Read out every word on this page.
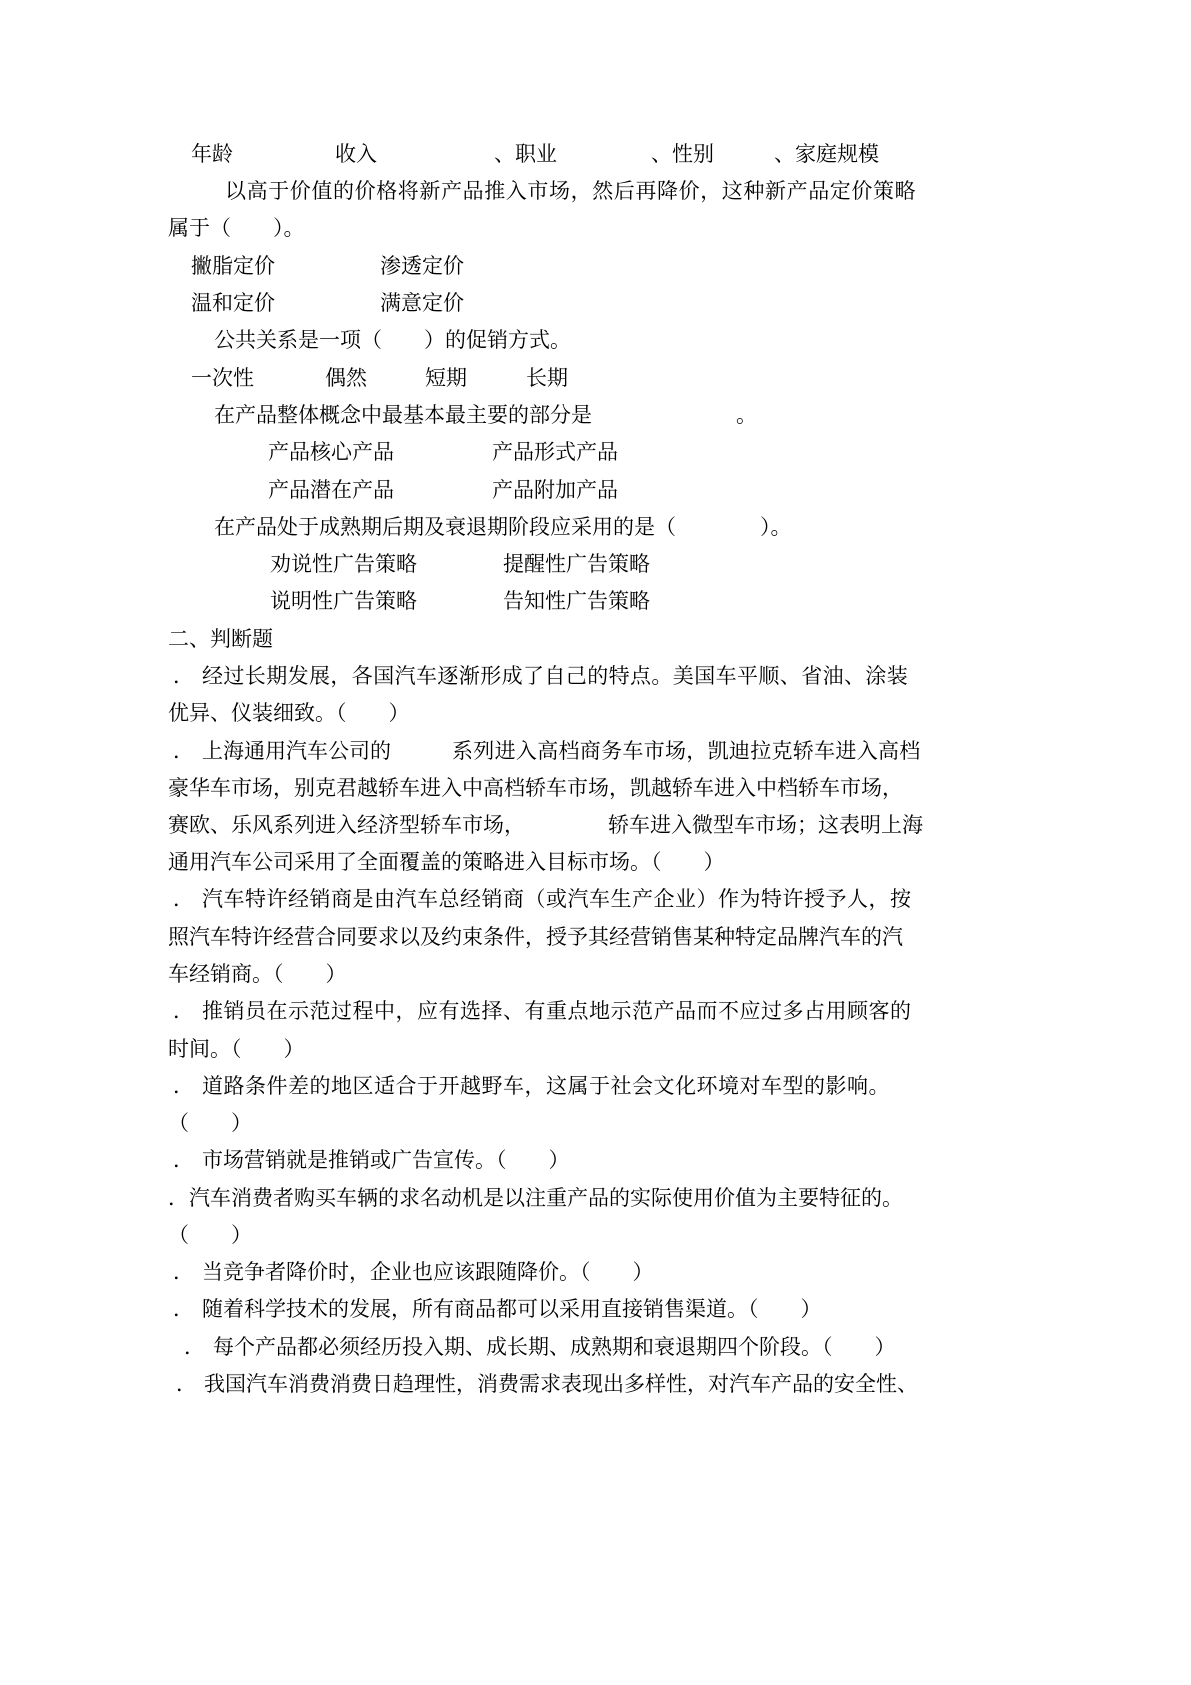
年龄	收入	、职业	、性别	、家庭规模
以高于价值的价格将新产品推入市场，然后再降价，这种新产品定价策略
属于（　　）。
撇脂定价	渗透定价
温和定价	满意定价
公共关系是一项（　　）的促销方式。
一次性	偶然	短期	长期
在产品整体概念中最基本最主要的部分是	。
产品核心产品	产品形式产品
产品潜在产品	产品附加产品
在产品处于成熟期后期及衰退期阶段应采用的是（　　　　）。
劝说性广告策略	提醒性广告策略
说明性广告策略	告知性广告策略
二、判断题
． 经过长期发展，各国汽车逐渐形成了自己的特点。美国车平顺、省油、涂装
优异、仪装细致。（　　）
． 上海通用汽车公司的	系列进入高档商务车市场，凯迪拉克轿车进入高档
豪华车市场，别克君越轿车进入中高档轿车市场，凯越轿车进入中档轿车市场，
赛欧、乐风系列进入经济型轿车市场，	轿车进入微型车市场；这表明上海
通用汽车公司采用了全面覆盖的策略进入目标市场。（　　）
． 汽车特许经销商是由汽车总经销商（或汽车生产企业）作为特许授予人，按
照汽车特许经营合同要求以及约束条件，授予其经营销售某种特定品牌汽车的汽
车经销商。（　　）
． 推销员在示范过程中，应有选择、有重点地示范产品而不应过多占用顾客的
时间。（　　）
． 道路条件差的地区适合于开越野车，这属于社会文化环境对车型的影响。
（　　）
． 市场营销就是推销或广告宣传。（　　）
． 汽车消费者购买车辆的求名动机是以注重产品的实际使用价值为主要特征的。
（　　）
． 当竞争者降价时，企业也应该跟随降价。（　　）
． 随着科学技术的发展，所有商品都可以采用直接销售渠道。（　　）
． 每个产品都必须经历投入期、成长期、成熟期和衰退期四个阶段。（　　）
． 我国汽车消费消费日趋理性，消费需求表现出多样性，对汽车产品的安全性、
